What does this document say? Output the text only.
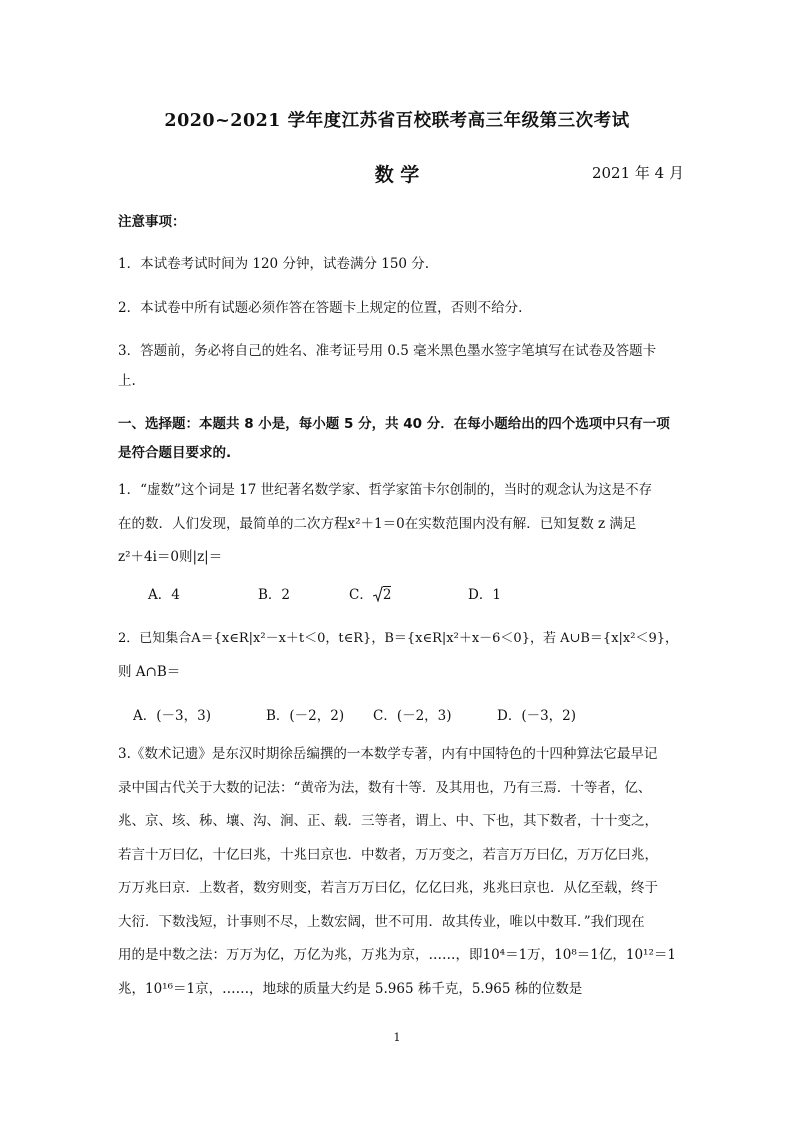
2020~2021 学年度江苏省百校联考高三年级第三次考试
数 学	2021 年 4 月
注意事项：
1．本试卷考试时间为 120 分钟，试卷满分 150 分.
2．本试卷中所有试题必须作答在答题卡上规定的位置，否则不给分.
3．答题前，务必将自己的姓名、准考证号用 0.5 毫米黑色墨水签字笔填写在试卷及答题卡
上.
一、选择题：本题共 8 小是，每小题 5 分，共 40 分．在每小题给出的四个选项中只有一项
是符合题目要求的.
1．“虚数”这个词是 17 世纪著名数学家、哲学家笛卡尔创制的，当时的观念认为这是不存
在的数．人们发现，最简单的二次方程x²＋1＝0在实数范围内没有解．已知复数 z 满足
z²＋4i＝0则|z|＝
A．4	B．2	C． 2	D．1
2．已知集合A＝{x∈R|x²－x＋t＜0，t∈R}，B＝{x∈R|x²＋x－6＜0}，若 A∪B＝{x|x²＜9}，
则 A∩B＝
A．(－3，3)	B．(－2，2) C．(－2，3)	D．(－3，2)
3.《数术记遗》是东汉时期徐岳编撰的一本数学专著，内有中国特色的十四种算法它最早记
录中国古代关于大数的记法：“黄帝为法，数有十等．及其用也，乃有三焉．十等者，亿、
兆、京、垓、秭、壤、沟、涧、正、载．三等者，谓上、中、下也，其下数者，十十变之，
若言十万曰亿，十亿曰兆，十兆曰京也．中数者，万万变之，若言万万曰亿，万万亿曰兆，
万万兆曰京．上数者，数穷则变，若言万万曰亿，亿亿曰兆，兆兆曰京也．从亿至载，终于
大衍．下数浅短，计事则不尽，上数宏阔，世不可用．故其传业，唯以中数耳．”我们现在
用的是中数之法：万万为亿，万亿为兆，万兆为京，……，即10⁴＝1万，10⁸＝1亿，10¹²＝1
兆，10¹⁶＝1京，……，地球的质量大约是 5.965 秭千克，5.965 秭的位数是
1
